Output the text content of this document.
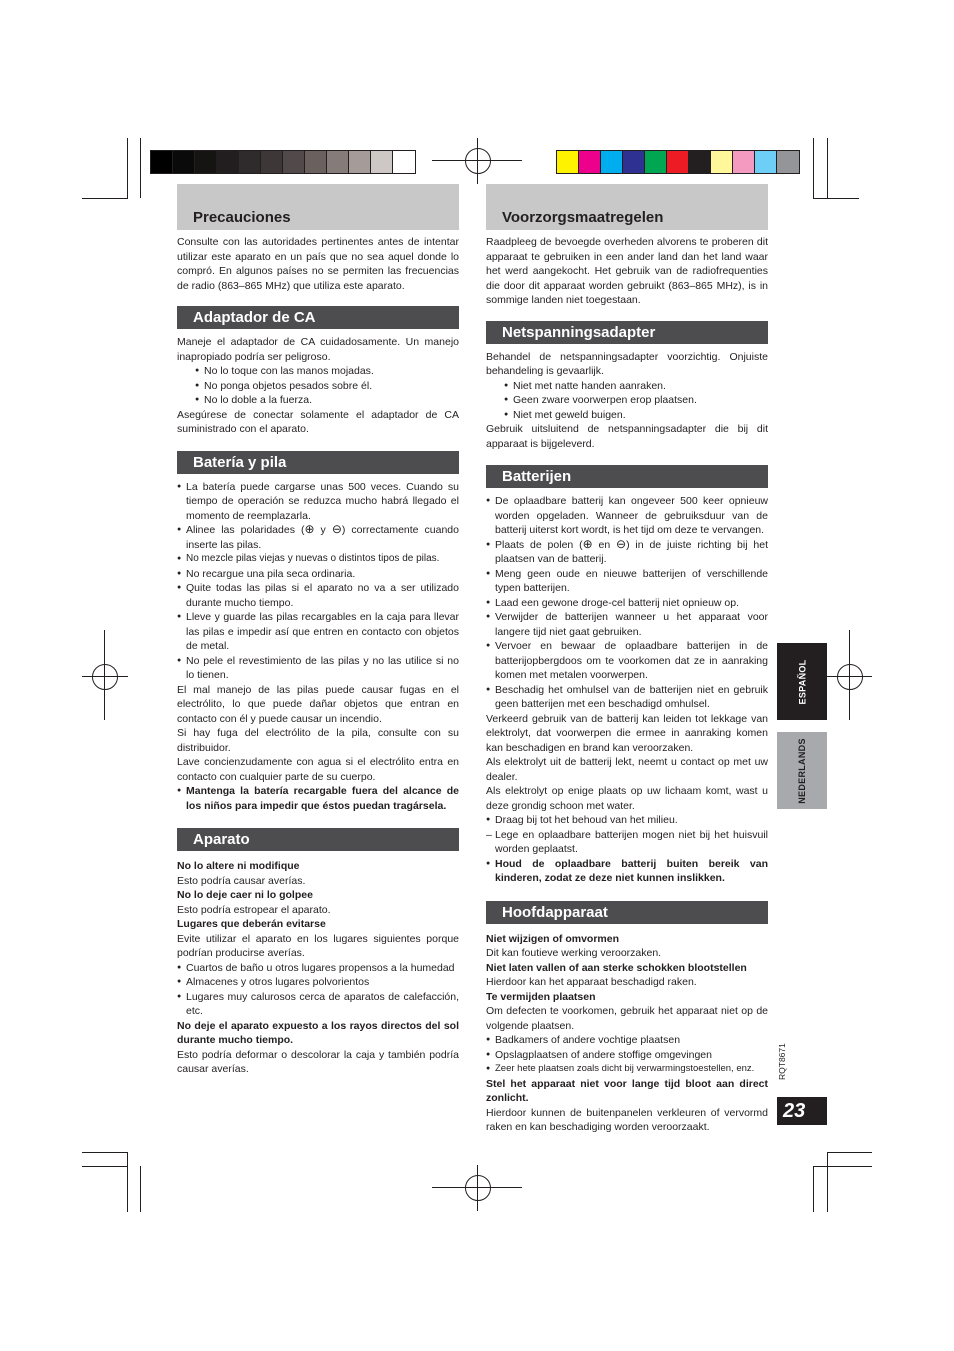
Precauciones

Consulte con las autoridades pertinentes antes de intentar utilizar este aparato en un país que no sea aquel donde lo compró. En algunos países no se permiten las frecuencias de radio (863–865 MHz) que utiliza este aparato.

Adaptador de CA

Maneje el adaptador de CA cuidadosamente. Un manejo inapropiado podría ser peligroso.

● No lo toque con las manos mojadas.
● No ponga objetos pesados sobre él.
● No lo doble a la fuerza.

Asegúrese de conectar solamente el adaptador de CA suministrado con el aparato.

Batería y pila
● La batería puede cargarse unas 500 veces. Cuando su tiempo de operación se reduzca mucho habrá llegado el momento de reemplazarla.
● Alinee las polaridades (⊕ y ⊖) correctamente cuando inserte las pilas.
● No mezcle pilas viejas y nuevas o distintos tipos de pilas.
● No recargue una pila seca ordinaria.
● Quite todas las pilas si el aparato no va a ser utilizado durante mucho tiempo.
● Lleve y guarde las pilas recargables en la caja para llevar las pilas e impedir así que entren en contacto con objetos de metal.
● No pele el revestimiento de las pilas y no las utilice si no lo tienen.

El mal manejo de las pilas puede causar fugas en el electrólito, lo que puede dañar objetos que entran en contacto con él y puede causar un incendio.

Si hay fuga del electrólito de la pila, consulte con su distribuidor.

Lave concienzudamente con agua si el electrólito entra en contacto con cualquier parte de su cuerpo.

● Mantenga la batería recargable fuera del alcance de los niños para impedir que éstos puedan tragársela.
Aparato

No lo altere ni modifique

Esto podría causar averías.

No lo deje caer ni lo golpee

Esto podría estropear el aparato.

Lugares que deberán evitarse

Evite utilizar el aparato en los lugares siguientes porque podrían producirse averías.

● Cuartos de baño u otros lugares propensos a la humedad
● Almacenes y otros lugares polvorientos
● Lugares muy calurosos cerca de aparatos de calefacción, etc.

No deje el aparato expuesto a los rayos directos del sol durante mucho tiempo.

Esto podría deformar o descolorar la caja y también podría causar averías.

Voorzorgsmaatregelen

Raadpleeg de bevoegde overheden alvorens te proberen dit apparaat te gebruiken in een ander land dan het land waar het werd aangekocht. Het gebruik van de radiofrequenties die door dit apparaat worden gebruikt (863–865 MHz), is in sommige landen niet toegestaan.

Netspanningsadapter

Behandel de netspanningsadapter voorzichtig. Onjuiste behandeling is gevaarlijk.

● Niet met natte handen aanraken.
● Geen zware voorwerpen erop plaatsen.
● Niet met geweld buigen.

Gebruik uitsluitend de netspanningsadapter die bij dit apparaat is bijgeleverd.

Batterijen
● De oplaadbare batterij kan ongeveer 500 keer opnieuw worden opgeladen. Wanneer de gebruiksduur van de batterij uiterst kort wordt, is het tijd om deze te vervangen.
● Plaats de polen (⊕ en ⊖) in de juiste richting bij het plaatsen van de batterij.
● Meng geen oude en nieuwe batterijen of verschillende typen batterijen.
● Laad een gewone droge-cel batterij niet opnieuw op.
● Verwijder de batterijen wanneer u het apparaat voor langere tijd niet gaat gebruiken.
● Vervoer en bewaar de oplaadbare batterijen in de batterijopbergdoos om te voorkomen dat ze in aanraking komen met metalen voorwerpen.
● Beschadig het omhulsel van de batterijen niet en gebruik geen batterijen met een beschadigd omhulsel.

Verkeerd gebruik van de batterij kan leiden tot lekkage van elektrolyt, dat voorwerpen die ermee in aanraking komen kan beschadigen en brand kan veroorzaken.

Als elektrolyt uit de batterij lekt, neemt u contact op met uw dealer.

Als elektrolyt op enige plaats op uw lichaam komt, wast u deze grondig schoon met water.

● Draag bij tot het behoud van het milieu.
– Lege en oplaadbare batterijen mogen niet bij het huisvuil worden geplaatst.
● Houd de oplaadbare batterij buiten bereik van kinderen, zodat ze deze niet kunnen inslikken.
Hoofdapparaat

Niet wijzigen of omvormen

Dit kan foutieve werking veroorzaken.

Niet laten vallen of aan sterke schokken blootstellen

Hierdoor kan het apparaat beschadigd raken.

Te vermijden plaatsen

Om defecten te voorkomen, gebruik het apparaat niet op de volgende plaatsen.

● Badkamers of andere vochtige plaatsen
● Opslagplaatsen of andere stoffige omgevingen
● Zeer hete plaatsen zoals dicht bij verwarmingstoestellen, enz.

Stel het apparaat niet voor lange tijd bloot aan direct zonlicht.

Hierdoor kunnen de buitenpanelen verkleuren of vervormd raken en kan beschadiging worden veroorzaakt.

ESPAÑOL
NEDERLANDS
RQT8671
23
